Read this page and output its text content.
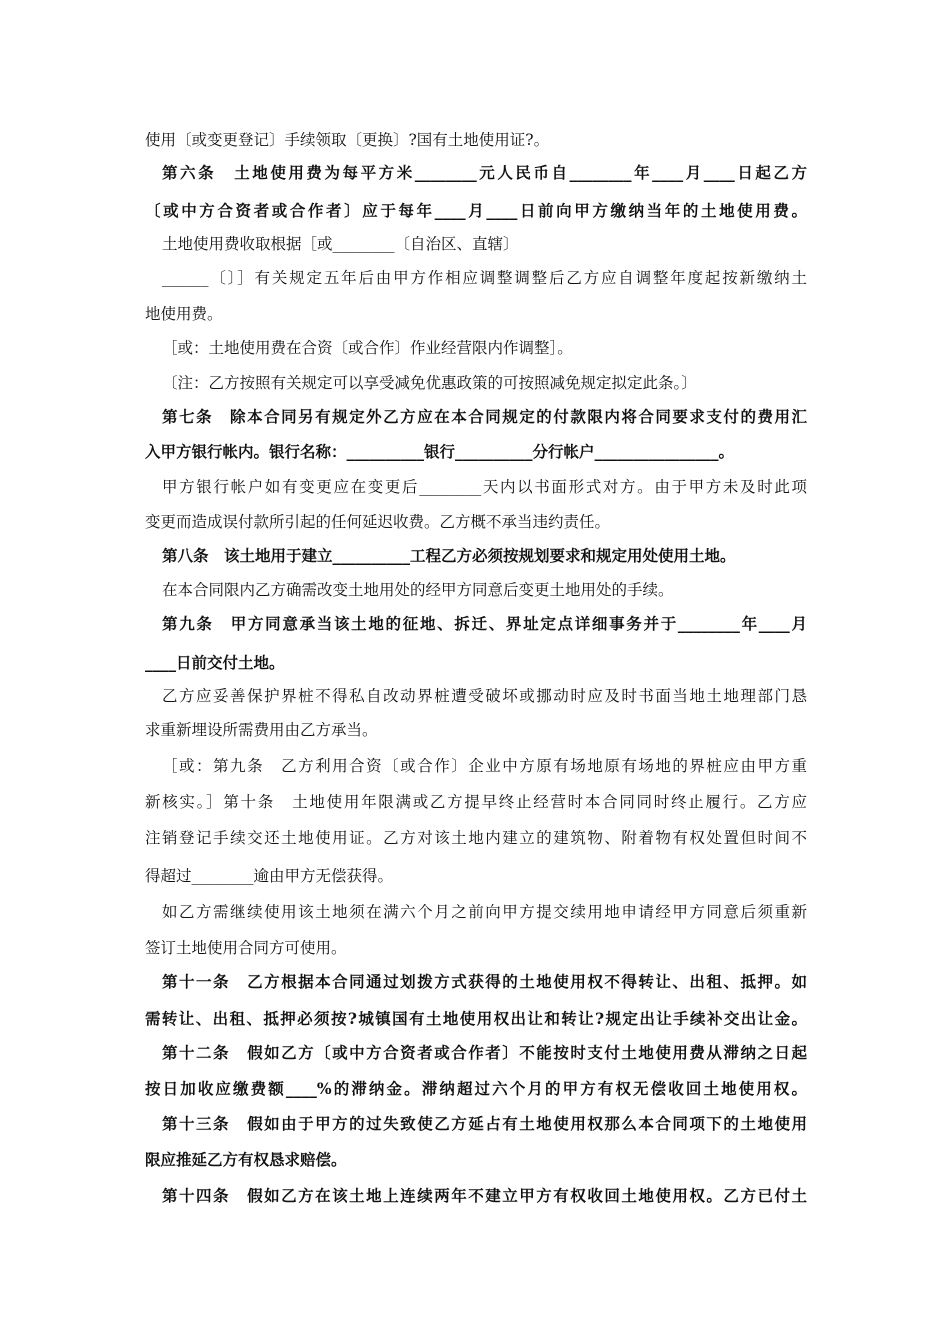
使用〔或变更登记〕手续领取〔更换〕?国有土地使用证?。
第六条　土地使用费为每平方米________元人民币自________年____月____日起乙方
〔或中方合资者或合作者〕应于每年____月____日前向甲方缴纳当年的土地使用费。
土地使用费收取根据［或________〔自治区、直辖〕
______〔〕］有关规定五年后由甲方作相应调整调整后乙方应自调整年度起按新缴纳土
地使用费。
［或：土地使用费在合资〔或合作〕作业经营限内作调整］。
〔注：乙方按照有关规定可以享受减免优惠政策的可按照减免规定拟定此条。〕
第七条　除本合同另有规定外乙方应在本合同规定的付款限内将合同要求支付的费用汇
入甲方银行帐内。银行名称：__________银行__________分行帐户________________。
甲方银行帐户如有变更应在变更后________天内以书面形式对方。由于甲方未及时此项
变更而造成误付款所引起的任何延迟收费。乙方概不承当违约责任。
第八条　该土地用于建立__________工程乙方必须按规划要求和规定用处使用土地。
在本合同限内乙方确需改变土地用处的经甲方同意后变更土地用处的手续。
第九条　甲方同意承当该土地的征地、拆迁、界址定点详细事务并于________年____月
____日前交付土地。
乙方应妥善保护界桩不得私自改动界桩遭受破坏或挪动时应及时书面当地土地理部门恳
求重新埋设所需费用由乙方承当。
［或：第九条　乙方利用合资〔或合作〕企业中方原有场地原有场地的界桩应由甲方重
新核实。］第十条　土地使用年限满或乙方提早终止经营时本合同同时终止履行。乙方应
注销登记手续交还土地使用证。乙方对该土地内建立的建筑物、附着物有权处置但时间不
得超过________逾由甲方无偿获得。
如乙方需继续使用该土地须在满六个月之前向甲方提交续用地申请经甲方同意后须重新
签订土地使用合同方可使用。
第十一条　乙方根据本合同通过划拨方式获得的土地使用权不得转让、出租、抵押。如
需转让、出租、抵押必须按?城镇国有土地使用权出让和转让?规定出让手续补交出让金。
第十二条　假如乙方〔或中方合资者或合作者〕不能按时支付土地使用费从滞纳之日起
按日加收应缴费额____%的滞纳金。滞纳超过六个月的甲方有权无偿收回土地使用权。
第十三条　假如由于甲方的过失致使乙方延占有土地使用权那么本合同项下的土地使用
限应推延乙方有权恳求赔偿。
第十四条　假如乙方在该土地上连续两年不建立甲方有权收回土地使用权。乙方已付土
